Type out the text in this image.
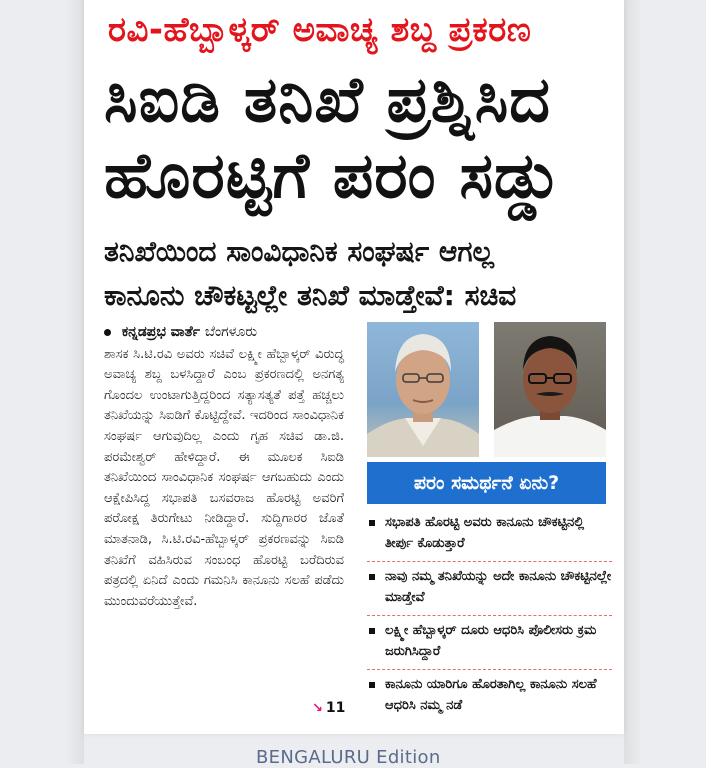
ರವಿ-ಹೆಬ್ಬಾಳ್ಕರ್ ಅವಾಚ್ಯ ಶಬ್ದ ಪ್ರಕರಣ
ಸಿಐಡಿ ತನಿಖೆ ಪ್ರಶ್ನಿಸಿದ
ಹೊರಟ್ಟಿಗೆ ಪರಂ ಸಡ್ಡು
ತನಿಖೆಯಿಂದ ಸಾಂವಿಧಾನಿಕ ಸಂಘರ್ಷ ಆಗಲ್ಲ
ಕಾನೂನು ಚೌಕಟ್ಟಲ್ಲೇ ತನಿಖೆ ಮಾಡ್ತೇವೆ: ಸಚಿವ
ಕನ್ನಡಪ್ರಭ ವಾರ್ತೆ ಬೆಂಗಳೂರು
ಶಾಸಕ ಸಿ.ಟಿ.ರವಿ ಅವರು ಸಚಿವೆ ಲಕ್ಷ್ಮೀ ಹೆಬ್ಬಾಳ್ಕರ್ ವಿರುದ್ಧ ಅವಾಚ್ಯ ಶಬ್ದ ಬಳಸಿದ್ದಾರೆ ಎಂಬ ಪ್ರಕರಣದಲ್ಲಿ ಅನಗತ್ಯ ಗೊಂದಲ ಉಂಟಾಗುತ್ತಿದ್ದರಿಂದ ಸತ್ಯಾಸತ್ಯತೆ ಪತ್ತೆ ಹಚ್ಚಲು ತನಿಖೆಯನ್ನು ಸಿಐಡಿಗೆ ಕೊಟ್ಟಿದ್ದೇವೆ. ಇದರಿಂದ ಸಾಂವಿಧಾನಿಕ ಸಂಘರ್ಷ ಆಗುವುದಿಲ್ಲ ಎಂದು ಗೃಹ ಸಚಿವ ಡಾ.ಜಿ. ಪರಮೇಶ್ವರ್ ಹೇಳಿದ್ದಾರೆ. ಈ ಮೂಲಕ ಸಿಐಡಿ ತನಿಖೆಯಿಂದ ಸಾಂವಿಧಾನಿಕ ಸಂಘರ್ಷ ಆಗಬಹುದು ಎಂದು ಆಕ್ಷೇಪಿಸಿದ್ದ ಸಭಾಪತಿ ಬಸವರಾಜ ಹೊರಟ್ಟಿ ಅವರಿಗೆ ಪರೋಕ್ಷ ತಿರುಗೇಟು ನೀಡಿದ್ದಾರೆ. ಸುದ್ದಿಗಾರರ ಜೊತೆ ಮಾತನಾಡಿ, ಸಿ.ಟಿ.ರವಿ-ಹೆಬ್ಬಾಳ್ಕರ್ ಪ್ರಕರಣವನ್ನು ಸಿಐಡಿ ತನಿಖೆಗೆ ವಹಿಸಿರುವ ಸಂಬಂಧ ಹೊರಟ್ಟಿ ಬರೆದಿರುವ ಪತ್ರದಲ್ಲಿ ಏನಿದೆ ಎಂದು ಗಮನಿಸಿ ಕಾನೂನು ಸಲಹೆ ಪಡೆದು ಮುಂದುವರೆಯುತ್ತೇವೆ.
↘ 11
ಪರಂ ಸಮರ್ಥನೆ ಏನು?
ಸಭಾಪತಿ ಹೊರಟ್ಟಿ ಅವರು ಕಾನೂನು ಚೌಕಟ್ಟಿನಲ್ಲಿ ತೀರ್ಪು ಕೊಡುತ್ತಾರೆ
ನಾವು ನಮ್ಮ ತನಿಖೆಯನ್ನು ಅದೇ ಕಾನೂನು ಚೌಕಟ್ಟಿನಲ್ಲೇ ಮಾಡ್ತೇವೆ
ಲಕ್ಷ್ಮೀ ಹೆಬ್ಬಾಳ್ಕರ್ ದೂರು ಆಧರಿಸಿ ಪೊಲೀಸರು ಕ್ರಮ ಜರುಗಿಸಿದ್ದಾರೆ
ಕಾನೂನು ಯಾರಿಗೂ ಹೊರತಾಗಿಲ್ಲ ಕಾನೂನು ಸಲಹೆ ಆಧರಿಸಿ ನಮ್ಮ ನಡೆ
BENGALURU Edition
